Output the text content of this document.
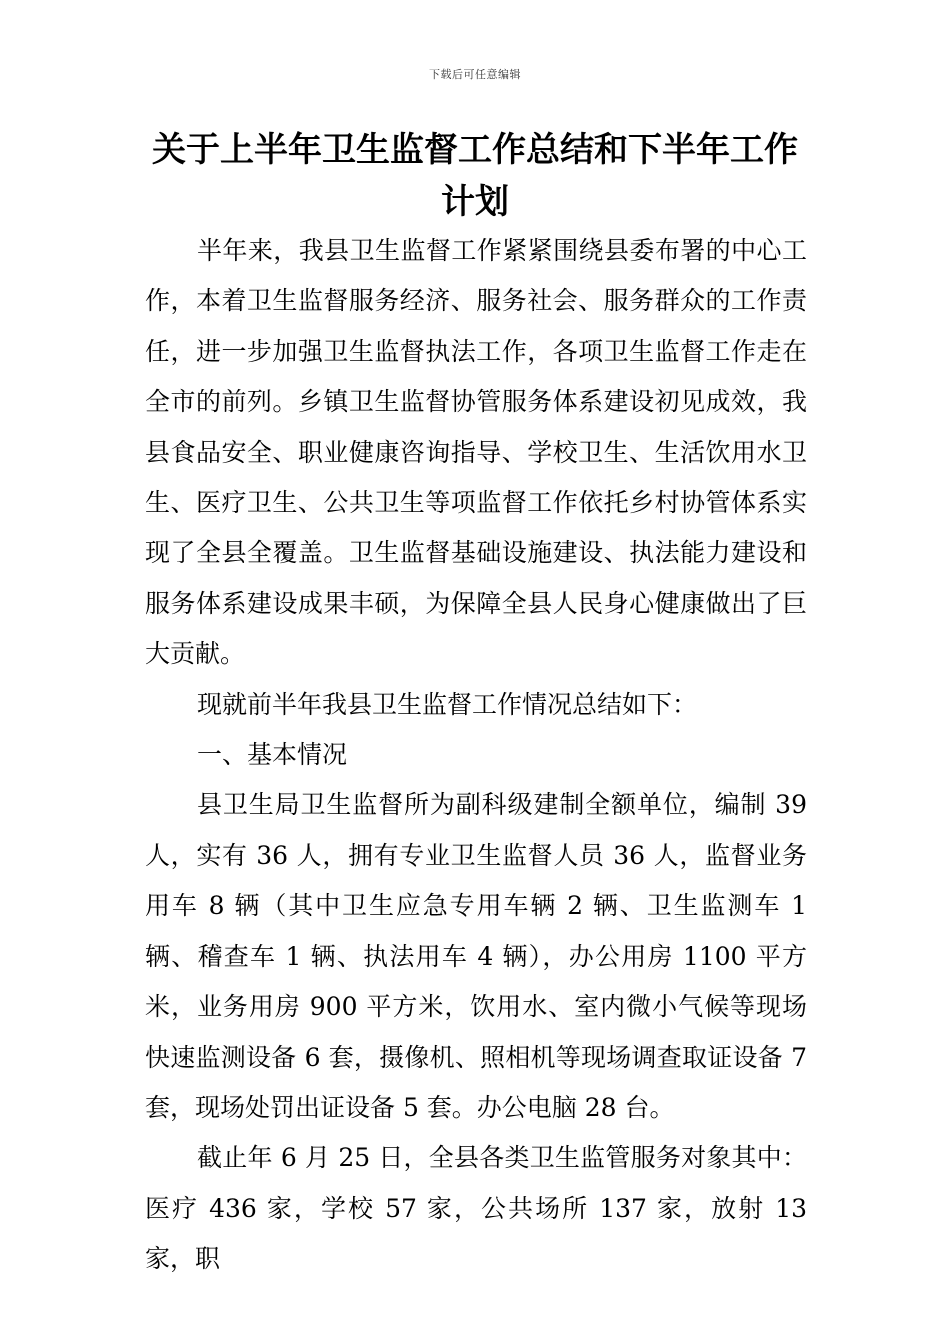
下载后可任意编辑
关于上半年卫生监督工作总结和下半年工作计划

半年来，我县卫生监督工作紧紧围绕县委布署的中心工作，本着卫生监督服务经济、服务社会、服务群众的工作责任，进一步加强卫生监督执法工作，各项卫生监督工作走在全市的前列。乡镇卫生监督协管服务体系建设初见成效，我县食品安全、职业健康咨询指导、学校卫生、生活饮用水卫生、医疗卫生、公共卫生等项监督工作依托乡村协管体系实现了全县全覆盖。卫生监督基础设施建设、执法能力建设和服务体系建设成果丰硕，为保障全县人民身心健康做出了巨大贡献。

现就前半年我县卫生监督工作情况总结如下：

一、基本情况

县卫生局卫生监督所为副科级建制全额单位，编制 39 人，实有 36 人，拥有专业卫生监督人员 36 人，监督业务用车 8 辆（其中卫生应急专用车辆 2 辆、卫生监测车 1 辆、稽查车 1 辆、执法用车 4 辆），办公用房 1100 平方米，业务用房 900 平方米，饮用水、室内微小气候等现场快速监测设备 6 套，摄像机、照相机等现场调查取证设备 7 套，现场处罚出证设备 5 套。办公电脑 28 台。

截止年 6 月 25 日，全县各类卫生监管服务对象其中：医疗 436 家，学校 57 家，公共场所 137 家，放射 13 家，职
